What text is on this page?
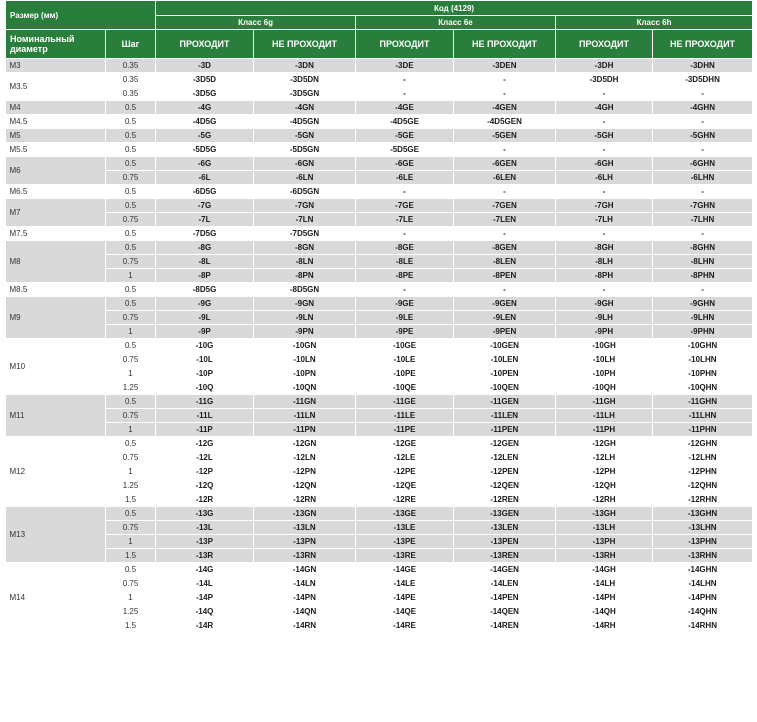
Размер (мм)		Код (4129)					
		Класс 6g		Класс 6е		Класс 6h	
Номинальный диаметр	Шаг	ПРОХОДИТ	НЕ ПРОХОДИТ	ПРОХОДИТ	НЕ ПРОХОДИТ	ПРОХОДИТ	НЕ ПРОХОДИТ
M3	0.35	-3D	-3DN	-3DE	-3DEN	-3DH	-3DHN
M3.5	0.35	-3D5D	-3D5DN	-	-	-3D5DH	-3D5DHN
	0.35	-3D5G	-3D5GN	-	-	-	-
M4	0.5	-4G	-4GN	-4GE	-4GEN	-4GH	-4GHN
M4.5	0.5	-4D5G	-4D5GN	-4D5GE	-4D5GEN	-	-
M5	0.5	-5G	-5GN	-5GE	-5GEN	-5GH	-5GHN
M5.5	0.5	-5D5G	-5D5GN	-5D5GE	-	-	-
M6	0.5	-6G	-6GN	-6GE	-6GEN	-6GH	-6GHN
	0.75	-6L	-6LN	-6LE	-6LEN	-6LH	-6LHN
M6.5	0.5	-6D5G	-6D5GN	-	-	-	-
M7	0.5	-7G	-7GN	-7GE	-7GEN	-7GH	-7GHN
	0.75	-7L	-7LN	-7LE	-7LEN	-7LH	-7LHN
M7.5	0.5	-7D5G	-7D5GN	-	-	-	-
M8	0.5	-8G	-8GN	-8GE	-8GEN	-8GH	-8GHN
	0.75	-8L	-8LN	-8LE	-8LEN	-8LH	-8LHN
	1	-8P	-8PN	-8PE	-8PEN	-8PH	-8PHN
M8.5	0.5	-8D5G	-8D5GN	-	-	-	-
M9	0.5	-9G	-9GN	-9GE	-9GEN	-9GH	-9GHN
	0.75	-9L	-9LN	-9LE	-9LEN	-9LH	-9LHN
	1	-9P	-9PN	-9PE	-9PEN	-9PH	-9PHN
M10	0.5	-10G	-10GN	-10GE	-10GEN	-10GH	-10GHN
	0.75	-10L	-10LN	-10LE	-10LEN	-10LH	-10LHN
	1	-10P	-10PN	-10PE	-10PEN	-10PH	-10PHN
	1.25	-10Q	-10QN	-10QE	-10QEN	-10QH	-10QHN
M11	0.5	-11G	-11GN	-11GE	-11GEN	-11GH	-11GHN
	0.75	-11L	-11LN	-11LE	-11LEN	-11LH	-11LHN
	1	-11P	-11PN	-11PE	-11PEN	-11PH	-11PHN
M12	0.5	-12G	-12GN	-12GE	-12GEN	-12GH	-12GHN
	0.75	-12L	-12LN	-12LE	-12LEN	-12LH	-12LHN
	1	-12P	-12PN	-12PE	-12PEN	-12PH	-12PHN
	1.25	-12Q	-12QN	-12QE	-12QEN	-12QH	-12QHN
	1.5	-12R	-12RN	-12RE	-12REN	-12RH	-12RHN
M13	0.5	-13G	-13GN	-13GE	-13GEN	-13GH	-13GHN
	0.75	-13L	-13LN	-13LE	-13LEN	-13LH	-13LHN
	1	-13P	-13PN	-13PE	-13PEN	-13PH	-13PHN
	1.5	-13R	-13RN	-13RE	-13REN	-13RH	-13RHN
M14	0.5	-14G	-14GN	-14GE	-14GEN	-14GH	-14GHN
	0.75	-14L	-14LN	-14LE	-14LEN	-14LH	-14LHN
	1	-14P	-14PN	-14PE	-14PEN	-14PH	-14PHN
	1.25	-14Q	-14QN	-14QE	-14QEN	-14QH	-14QHN
	1.5	-14R	-14RN	-14RE	-14REN	-14RH	-14RHN
